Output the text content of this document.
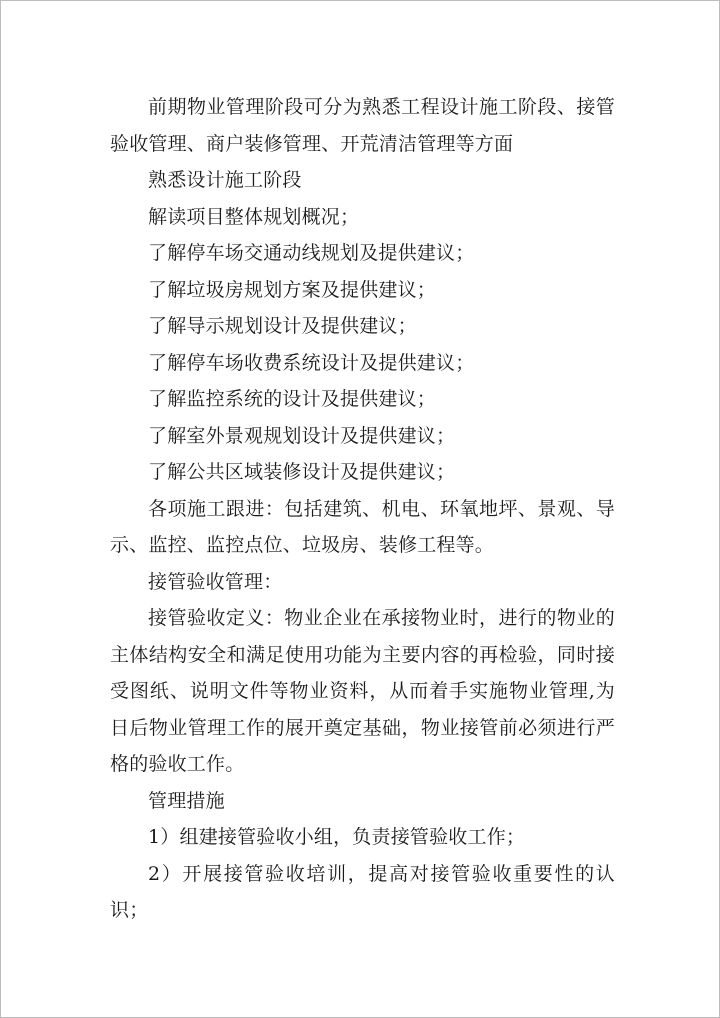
前期物业管理阶段可分为熟悉工程设计施工阶段、接管验收管理、商户装修管理、开荒清洁管理等方面

熟悉设计施工阶段

解读项目整体规划概况；

了解停车场交通动线规划及提供建议；

了解垃圾房规划方案及提供建议；

了解导示规划设计及提供建议；

了解停车场收费系统设计及提供建议；

了解监控系统的设计及提供建议；

了解室外景观规划设计及提供建议；

了解公共区域装修设计及提供建议；

各项施工跟进：包括建筑、机电、环氧地坪、景观、导示、监控、监控点位、垃圾房、装修工程等。

接管验收管理：

接管验收定义：物业企业在承接物业时，进行的物业的主体结构安全和满足使用功能为主要内容的再检验，同时接受图纸、说明文件等物业资料，从而着手实施物业管理,为日后物业管理工作的展开奠定基础，物业接管前必须进行严格的验收工作。

管理措施

1）组建接管验收小组，负责接管验收工作；

2）开展接管验收培训，提高对接管验收重要性的认识；
